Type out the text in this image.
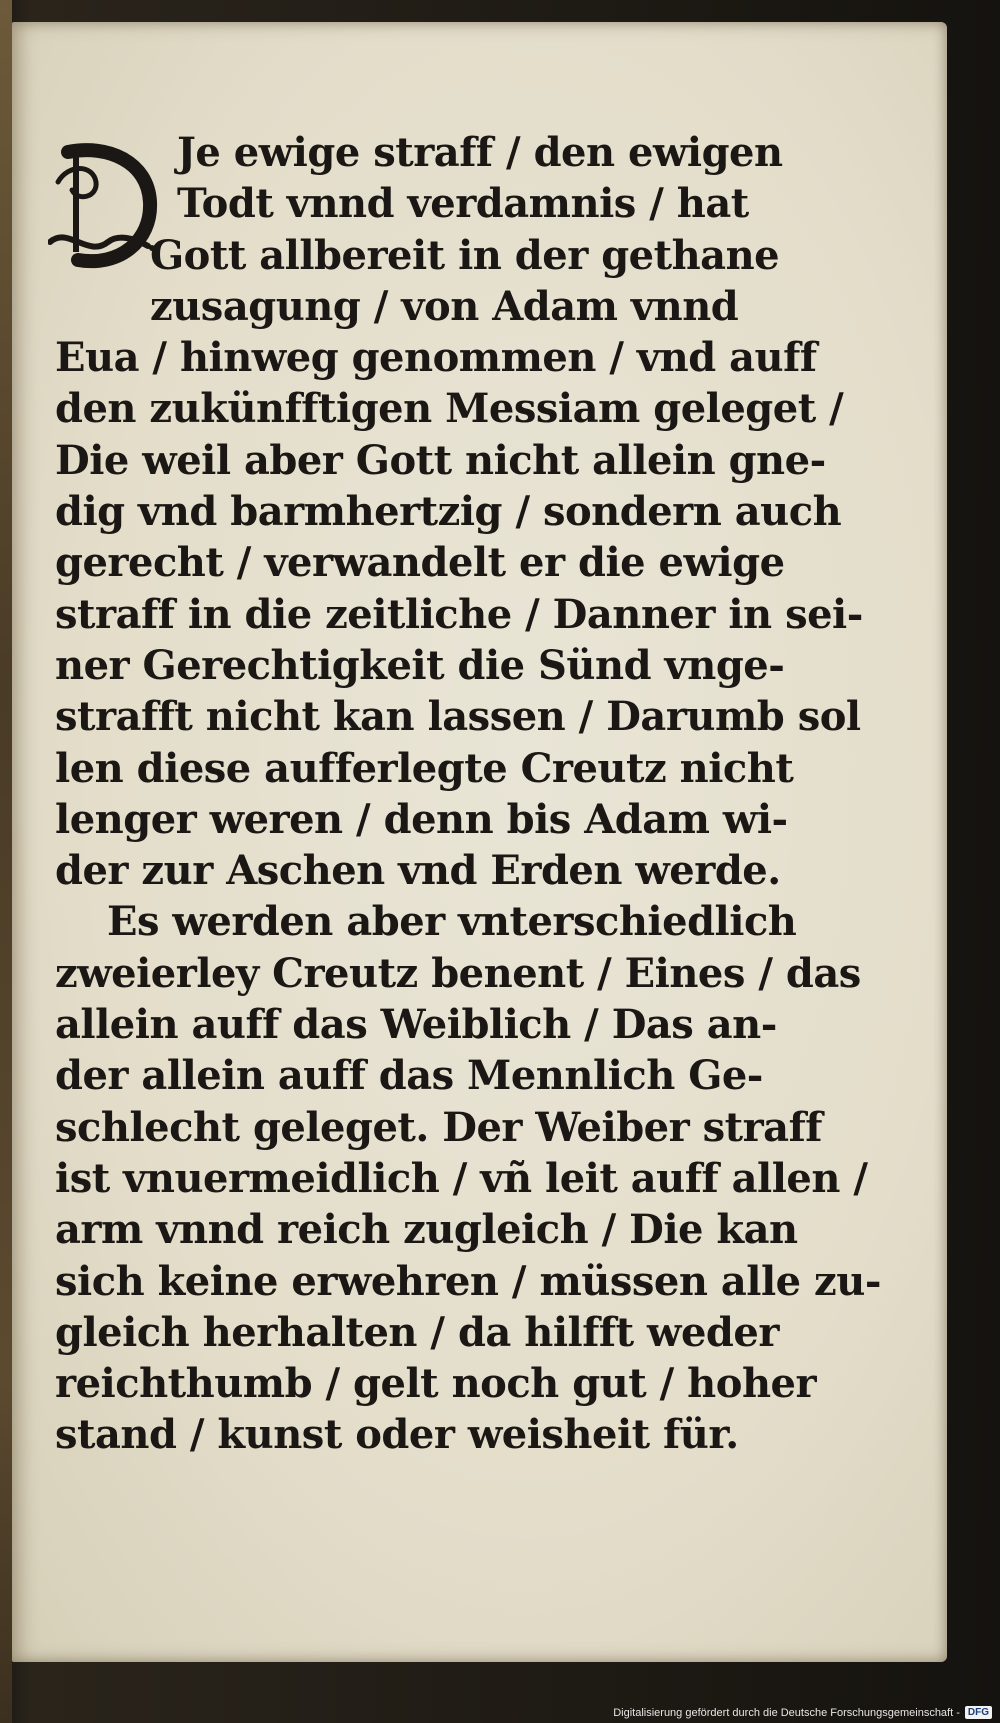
Je ewige straff / den ewigen
Todt vnnd verdamnis / hat
Gott allbereit in der gethane
zusagung / von Adam vnnd
Eua / hinweg genommen / vnd auff
den zukünfftigen Messiam geleget /
Die weil aber Gott nicht allein gne-
dig vnd barmhertzig / sondern auch
gerecht / verwandelt er die ewige
straff in die zeitliche / Danner in sei-
ner Gerechtigkeit die Sünd vnge-
strafft nicht kan lassen / Darumb sol
len diese aufferlegte Creutz nicht
lenger weren / denn bis Adam wi-
der zur Aschen vnd Erden werde.
Es werden aber vnterschiedlich
zweierley Creutz benent / Eines / das
allein auff das Weiblich / Das an-
der allein auff das Mennlich Ge-
schlecht geleget. Der Weiber straff
ist vnuermeidlich / vñ leit auff allen /
arm vnnd reich zugleich / Die kan
sich keine erwehren / müssen alle zu-
gleich herhalten / da hilfft weder
reichthumb / gelt noch gut / hoher
stand / kunst oder weisheit für.
Digitalisierung gefördert durch die Deutsche Forschungsgemeinschaft - DFG
